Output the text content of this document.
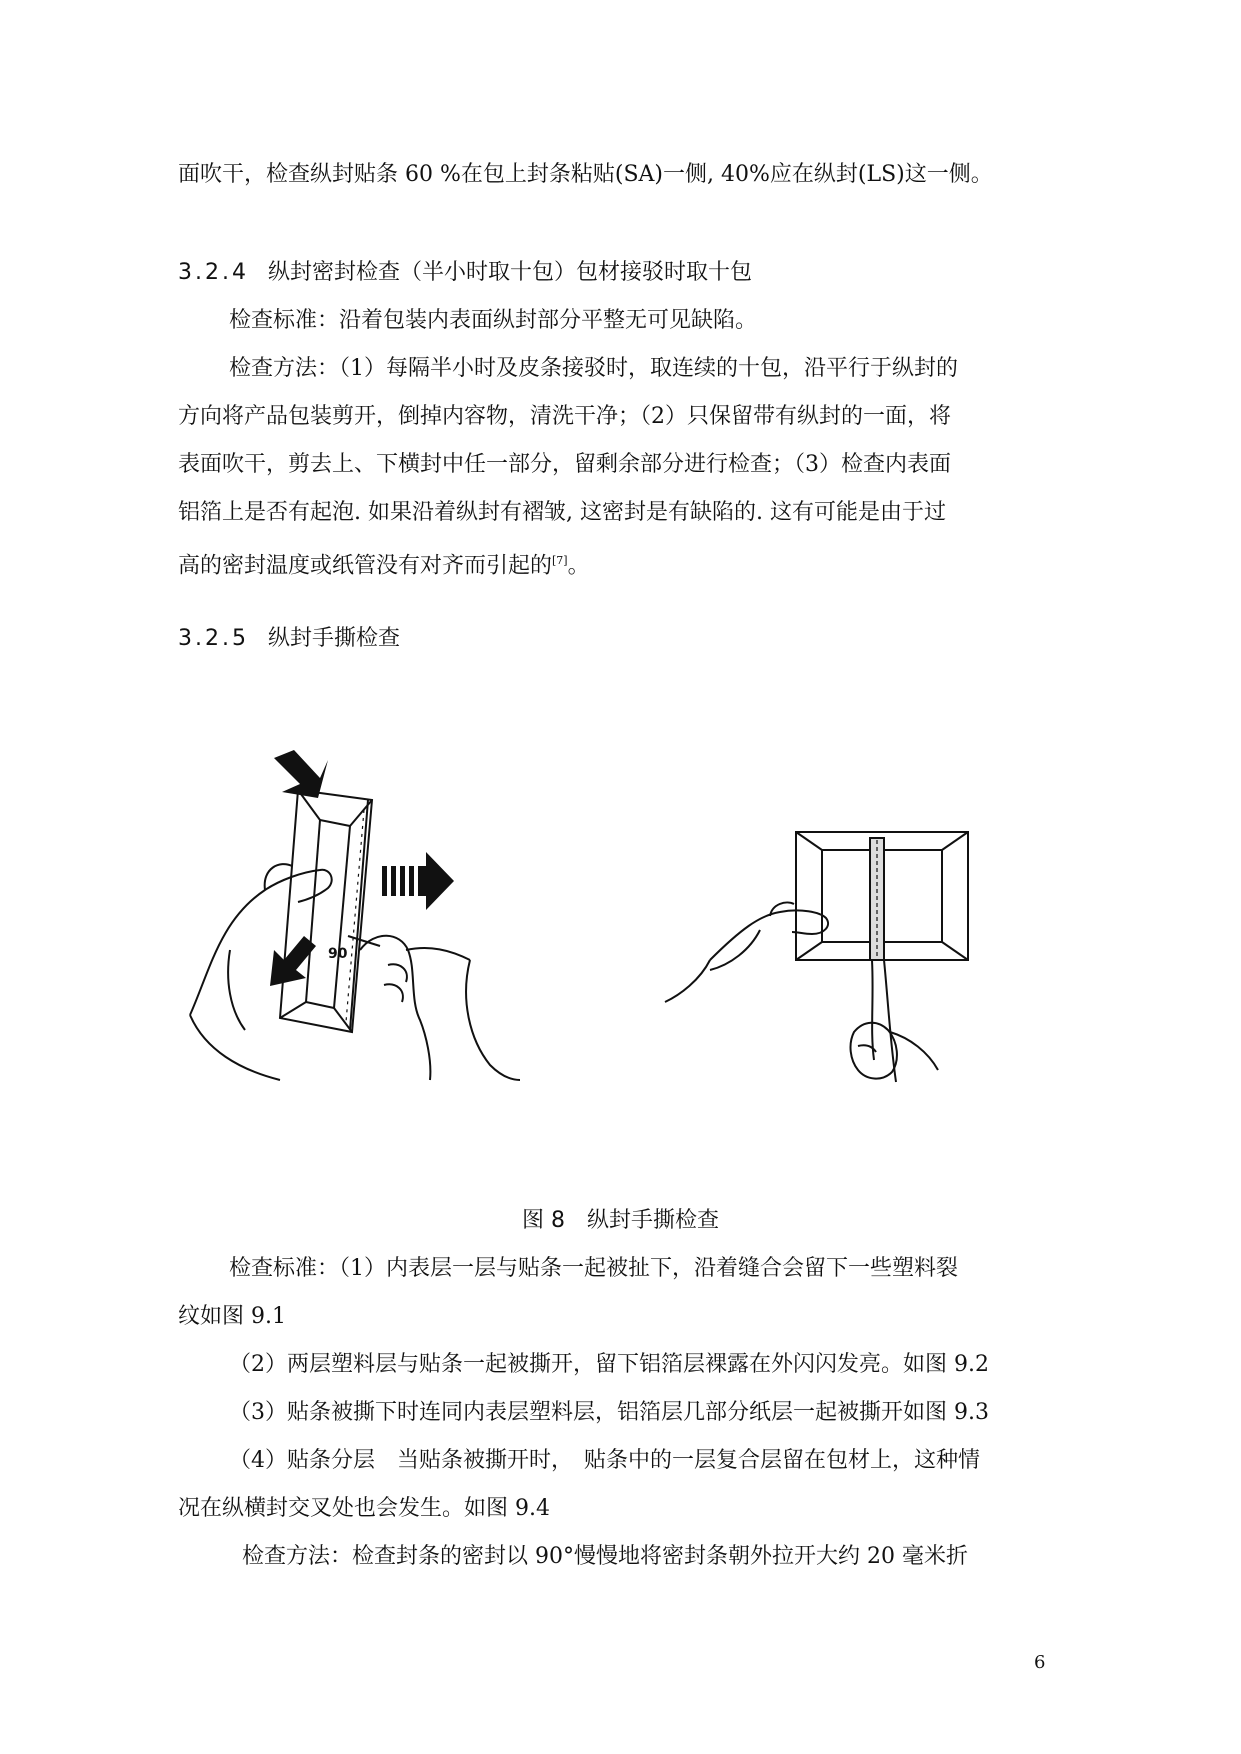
面吹干，检查纵封贴条 60 %在包上封条粘贴(SA)一侧, 40%应在纵封(LS)这一侧。
3.2.4 纵封密封检查（半小时取十包）包材接驳时取十包
检查标准：沿着包装内表面纵封部分平整无可见缺陷。
检查方法：（1）每隔半小时及皮条接驳时，取连续的十包，沿平行于纵封的
方向将产品包装剪开，倒掉内容物，清洗干净；（2）只保留带有纵封的一面，将
表面吹干，剪去上、下横封中任一部分，留剩余部分进行检查；（3）检查内表面
铝箔上是否有起泡. 如果沿着纵封有褶皱, 这密封是有缺陷的. 这有可能是由于过
高的密封温度或纸管没有对齐而引起的[7]。
3.2.5 纵封手撕检查
90
图 8　纵封手撕检查
检查标准：（1）内表层一层与贴条一起被扯下，沿着缝合会留下一些塑料裂
纹如图 9.1
（2）两层塑料层与贴条一起被撕开，留下铝箔层裸露在外闪闪发亮。如图 9.2
（3）贴条被撕下时连同内表层塑料层，铝箔层几部分纸层一起被撕开如图 9.3
（4）贴条分层　当贴条被撕开时，　贴条中的一层复合层留在包材上，这种情
况在纵横封交叉处也会发生。如图 9.4
检查方法：检查封条的密封以 90°慢慢地将密封条朝外拉开大约 20 毫米折
6
